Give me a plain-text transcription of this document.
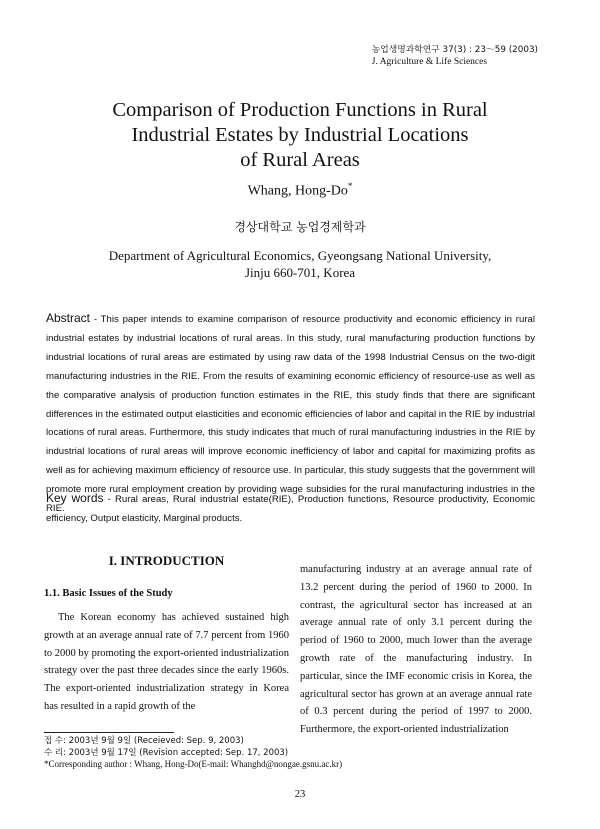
농업생명과학연구 37(3) : 23～59 (2003)
J. Agriculture & Life Sciences
Comparison of Production Functions in Rural
Industrial Estates by Industrial Locations
of Rural Areas
Whang, Hong-Do*
경상대학교 농업경제학과
Department of Agricultural Economics, Gyeongsang National University,
Jinju 660-701, Korea
Abstract - This paper intends to examine comparison of resource productivity and economic efficiency in rural industrial estates by industrial locations of rural areas. In this study, rural manufacturing production functions by industrial locations of rural areas are estimated by using raw data of the 1998 Industrial Census on the two-digit manufacturing industries in the RIE. From the results of examining economic efficiency of resource-use as well as the comparative analysis of production function estimates in the RIE, this study finds that there are significant differences in the estimated output elasticities and economic efficiencies of labor and capital in the RIE by industrial locations of rural areas. Furthermore, this study indicates that much of rural manufacturing industries in the RIE by industrial locations of rural areas will improve economic inefficiency of labor and capital for maximizing profits as well as for achieving maximum efficiency of resource use. In particular, this study suggests that the government will promote more rural employment creation by providing wage subsidies for the rural manufacturing industries in the RIE.
Key words - Rural areas, Rural industrial estate(RIE), Production functions, Resource productivity, Economic efficiency, Output elasticity, Marginal products.
I. INTRODUCTION
1.1. Basic Issues of the Study
The Korean economy has achieved sustained high growth at an average annual rate of 7.7 percent from 1960 to 2000 by promoting the export-oriented industrialization strategy over the past three decades since the early 1960s. The export-oriented industrialization strategy in Korea has resulted in a rapid growth of the
manufacturing industry at an average annual rate of 13.2 percent during the period of 1960 to 2000. In contrast, the agricultural sector has increased at an average annual rate of only 3.1 percent during the period of 1960 to 2000, much lower than the average growth rate of the manufacturing industry. In particular, since the IMF economic crisis in Korea, the agricultural sector has grown at an average annual rate of 0.3 percent during the period of 1997 to 2000. Furthermore, the export-oriented industrialization
접 수: 2003년 9월 9일 (Receieved: Sep. 9, 2003)
수 리: 2003년 9월 17일 (Revision accepted: Sep. 17, 2003)
*Corresponding author : Whang, Hong-Do(E-mail: Whanghd@nongae.gsnu.ac.kr)
23
